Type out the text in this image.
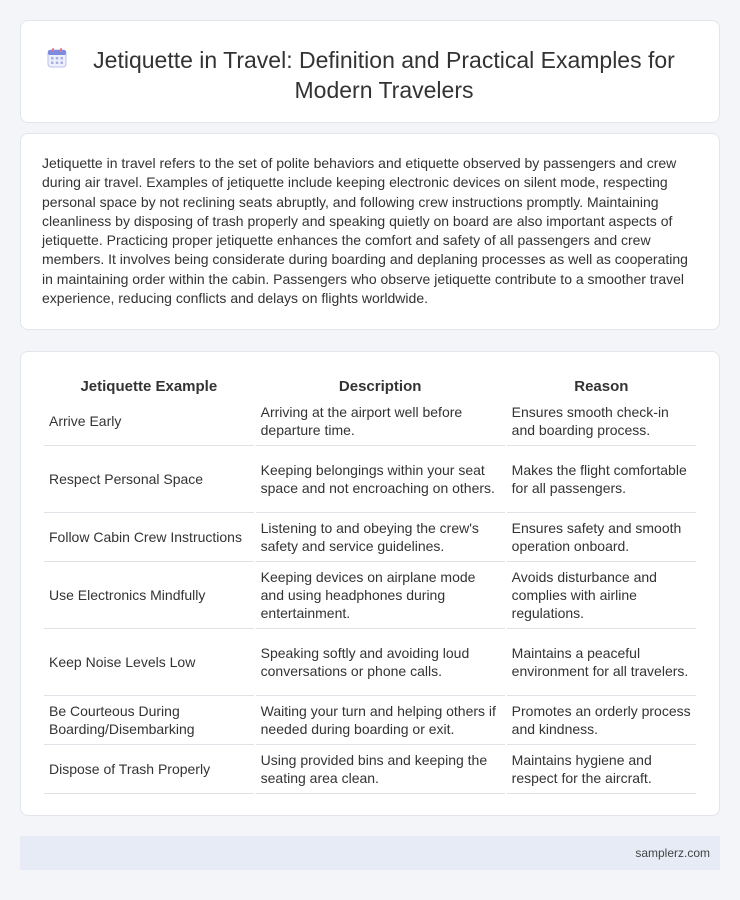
Jetiquette in Travel: Definition and Practical Examples for Modern Travelers

Jetiquette in travel refers to the set of polite behaviors and etiquette observed by passengers and crew during air travel. Examples of jetiquette include keeping electronic devices on silent mode, respecting personal space by not reclining seats abruptly, and following crew instructions promptly. Maintaining cleanliness by disposing of trash properly and speaking quietly on board are also important aspects of jetiquette. Practicing proper jetiquette enhances the comfort and safety of all passengers and crew members. It involves being considerate during boarding and deplaning processes as well as cooperating in maintaining order within the cabin. Passengers who observe jetiquette contribute to a smoother travel experience, reducing conflicts and delays on flights worldwide.

Jetiquette Example	Description	Reason
Arrive Early	Arriving at the airport well before departure time.	Ensures smooth check-in and boarding process.
Respect Personal Space	Keeping belongings within your seat space and not encroaching on others.	Makes the flight comfortable for all passengers.
Follow Cabin Crew Instructions	Listening to and obeying the crew's safety and service guidelines.	Ensures safety and smooth operation onboard.
Use Electronics Mindfully	Keeping devices on airplane mode and using headphones during entertainment.	Avoids disturbance and complies with airline regulations.
Keep Noise Levels Low	Speaking softly and avoiding loud conversations or phone calls.	Maintains a peaceful environment for all travelers.
Be Courteous During Boarding/Disembarking	Waiting your turn and helping others if needed during boarding or exit.	Promotes an orderly process and kindness.
Dispose of Trash Properly	Using provided bins and keeping the seating area clean.	Maintains hygiene and respect for the aircraft.
samplerz.com
